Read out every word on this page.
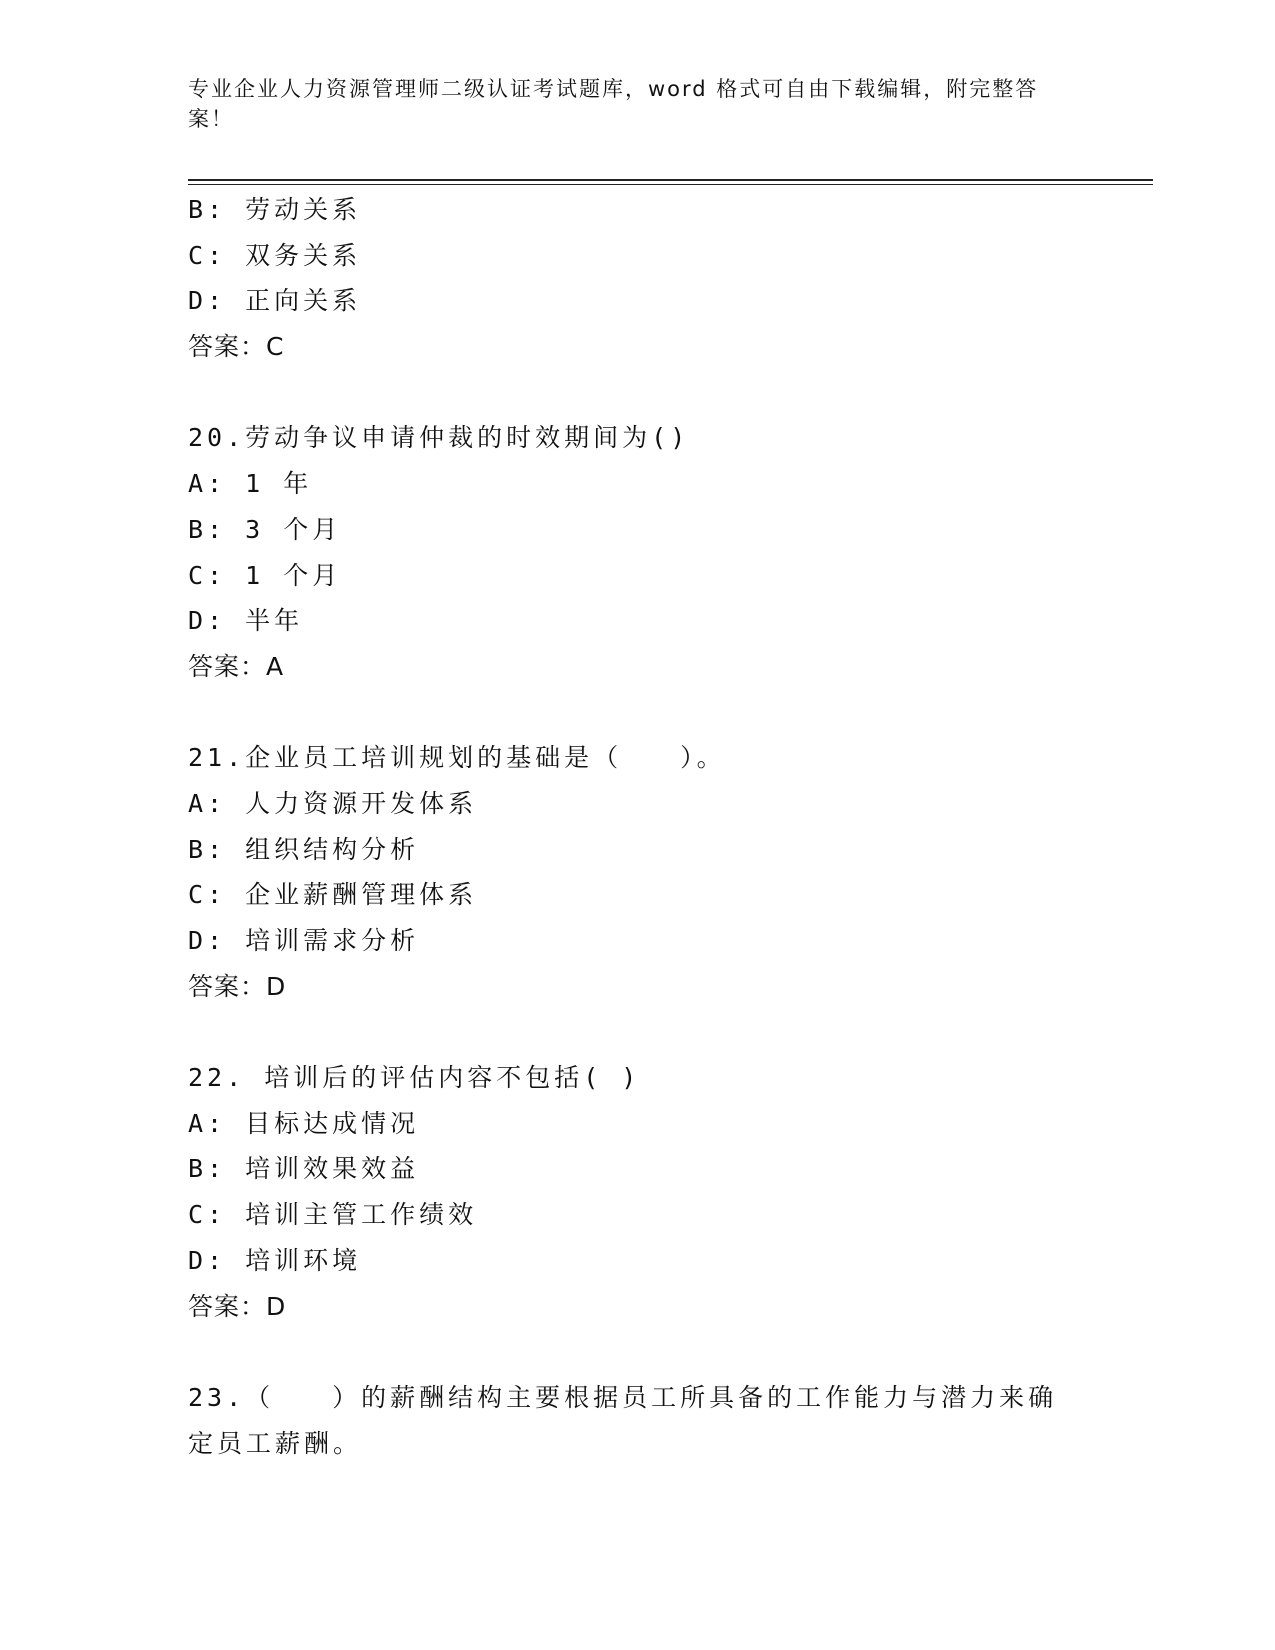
专业企业人力资源管理师二级认证考试题库，word 格式可自由下载编辑，附完整答案！
B: 劳动关系
C: 双务关系
D: 正向关系
答案：C
20.劳动争议申请仲裁的时效期间为()
A: 1 年
B: 3 个月
C: 1 个月
D: 半年
答案：A
21.企业员工培训规划的基础是（　　）。
A: 人力资源开发体系
B: 组织结构分析
C: 企业薪酬管理体系
D: 培训需求分析
答案：D
22. 培训后的评估内容不包括( )
A: 目标达成情况
B: 培训效果效益
C: 培训主管工作绩效
D: 培训环境
答案：D
23.（　　）的薪酬结构主要根据员工所具备的工作能力与潜力来确定员工薪酬。
